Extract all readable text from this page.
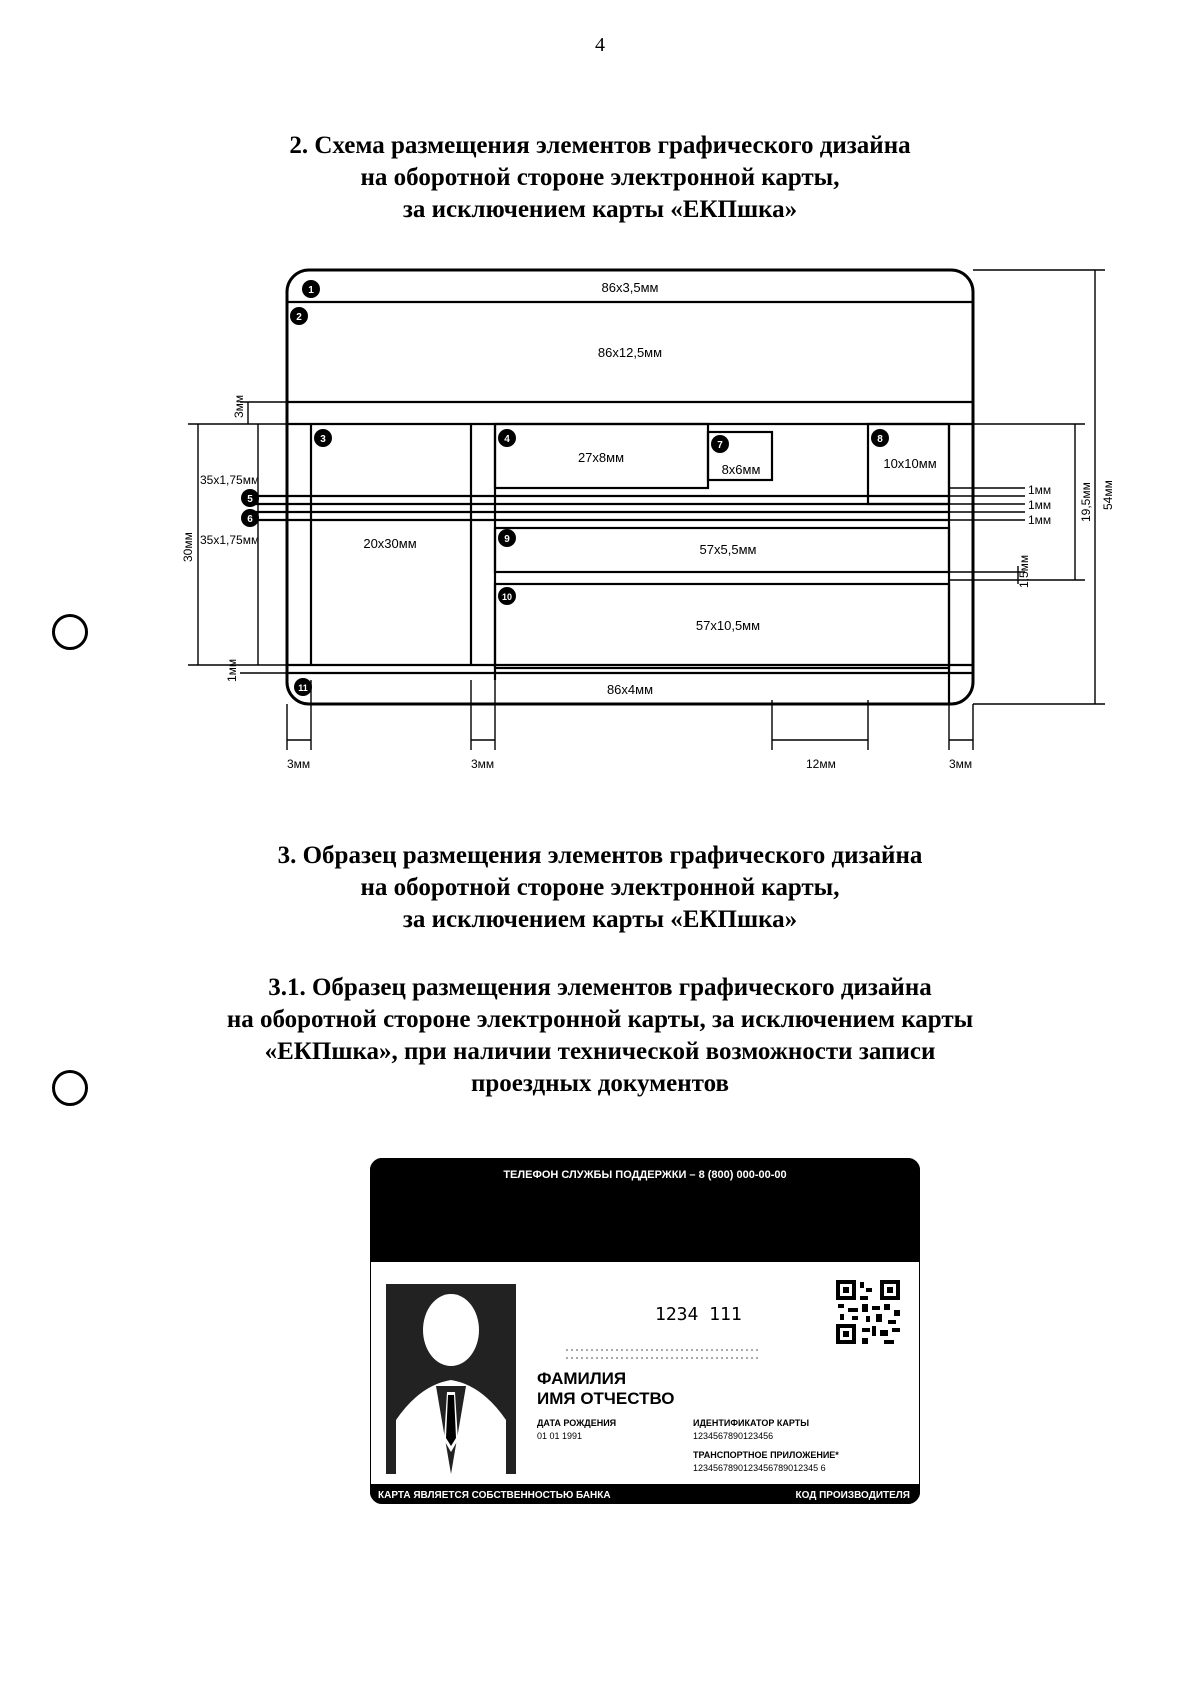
4
2. Схема размещения элементов графического дизайна
на оборотной стороне электронной карты,
за исключением карты «ЕКПшка»
1
2
3	4
5
6
7
8
9
10
11
86x3,5мм
86x12,5мм
20x30мм
27x8мм
8x6мм	10x10мм
57x5,5мм
57x10,5мм
86x4мм
3мм
35x1,75мм
35x1,75мм
30мм
1мм
1мм
1мм
1мм
1,5мм
19,5мм 54мм
3мм	3мм	12мм	3мм
3. Образец размещения элементов графического дизайна
на оборотной стороне электронной карты,
за исключением карты «ЕКПшка»
3.1. Образец размещения элементов графического дизайна
на оборотной стороне электронной карты, за исключением карты
«ЕКПшка», при наличии технической возможности записи
проездных документов
ТЕЛЕФОН СЛУЖБЫ ПОДДЕРЖКИ – 8 (800) 000-00-00
1234 111
ФАМИЛИЯ
ИМЯ ОТЧЕСТВО
ДАТА РОЖДЕНИЯ
01 01 1991
ИДЕНТИФИКАТОР КАРТЫ
1234567890123456
ТРАНСПОРТНОЕ ПРИЛОЖЕНИЕ*
1234567890123456789012345 6
КАРТА ЯВЛЯЕТСЯ СОБСТВЕННОСТЬЮ БАНКА	КОД ПРОИЗВОДИТЕЛЯ
